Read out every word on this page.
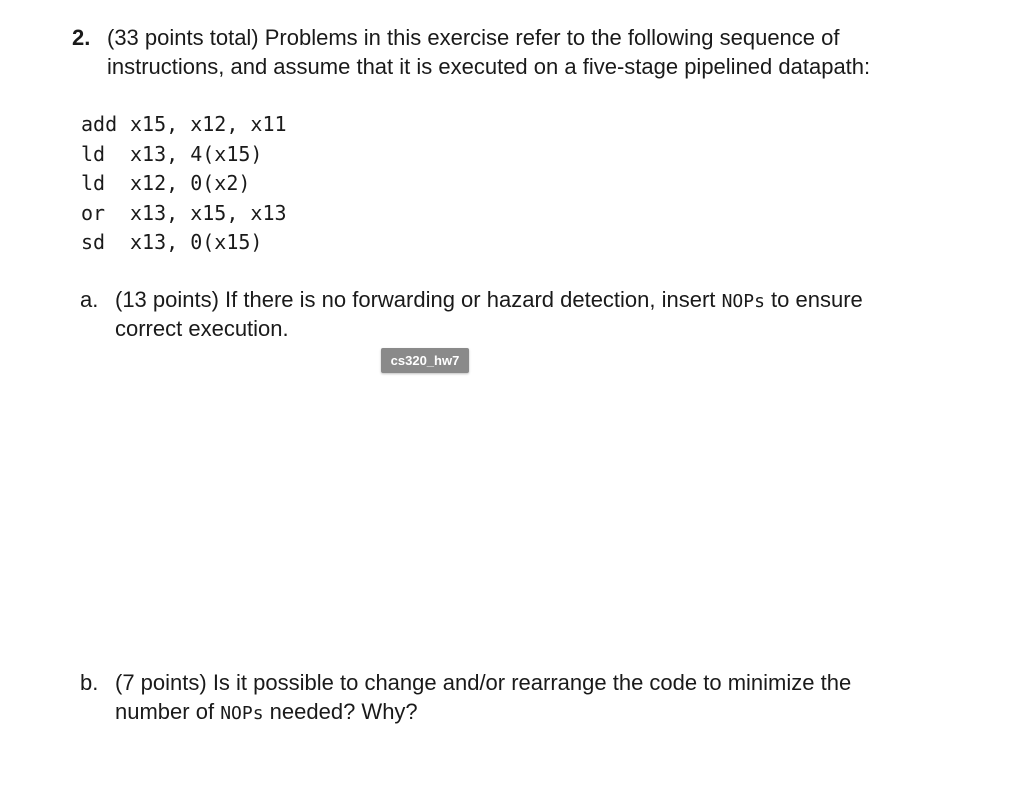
2. (33 points total) Problems in this exercise refer to the following sequence of
instructions, and assume that it is executed on a five-stage pipelined datapath:
add x15, x12, x11
ld x13, 4(x15)
ld x12, 0(x2)
or x13, x15, x13
sd x13, 0(x15)
a. (13 points) If there is no forwarding or hazard detection, insert NOPs to ensure
correct execution.
cs320_hw7
b. (7 points) Is it possible to change and/or rearrange the code to minimize the
number of NOPs needed? Why?
